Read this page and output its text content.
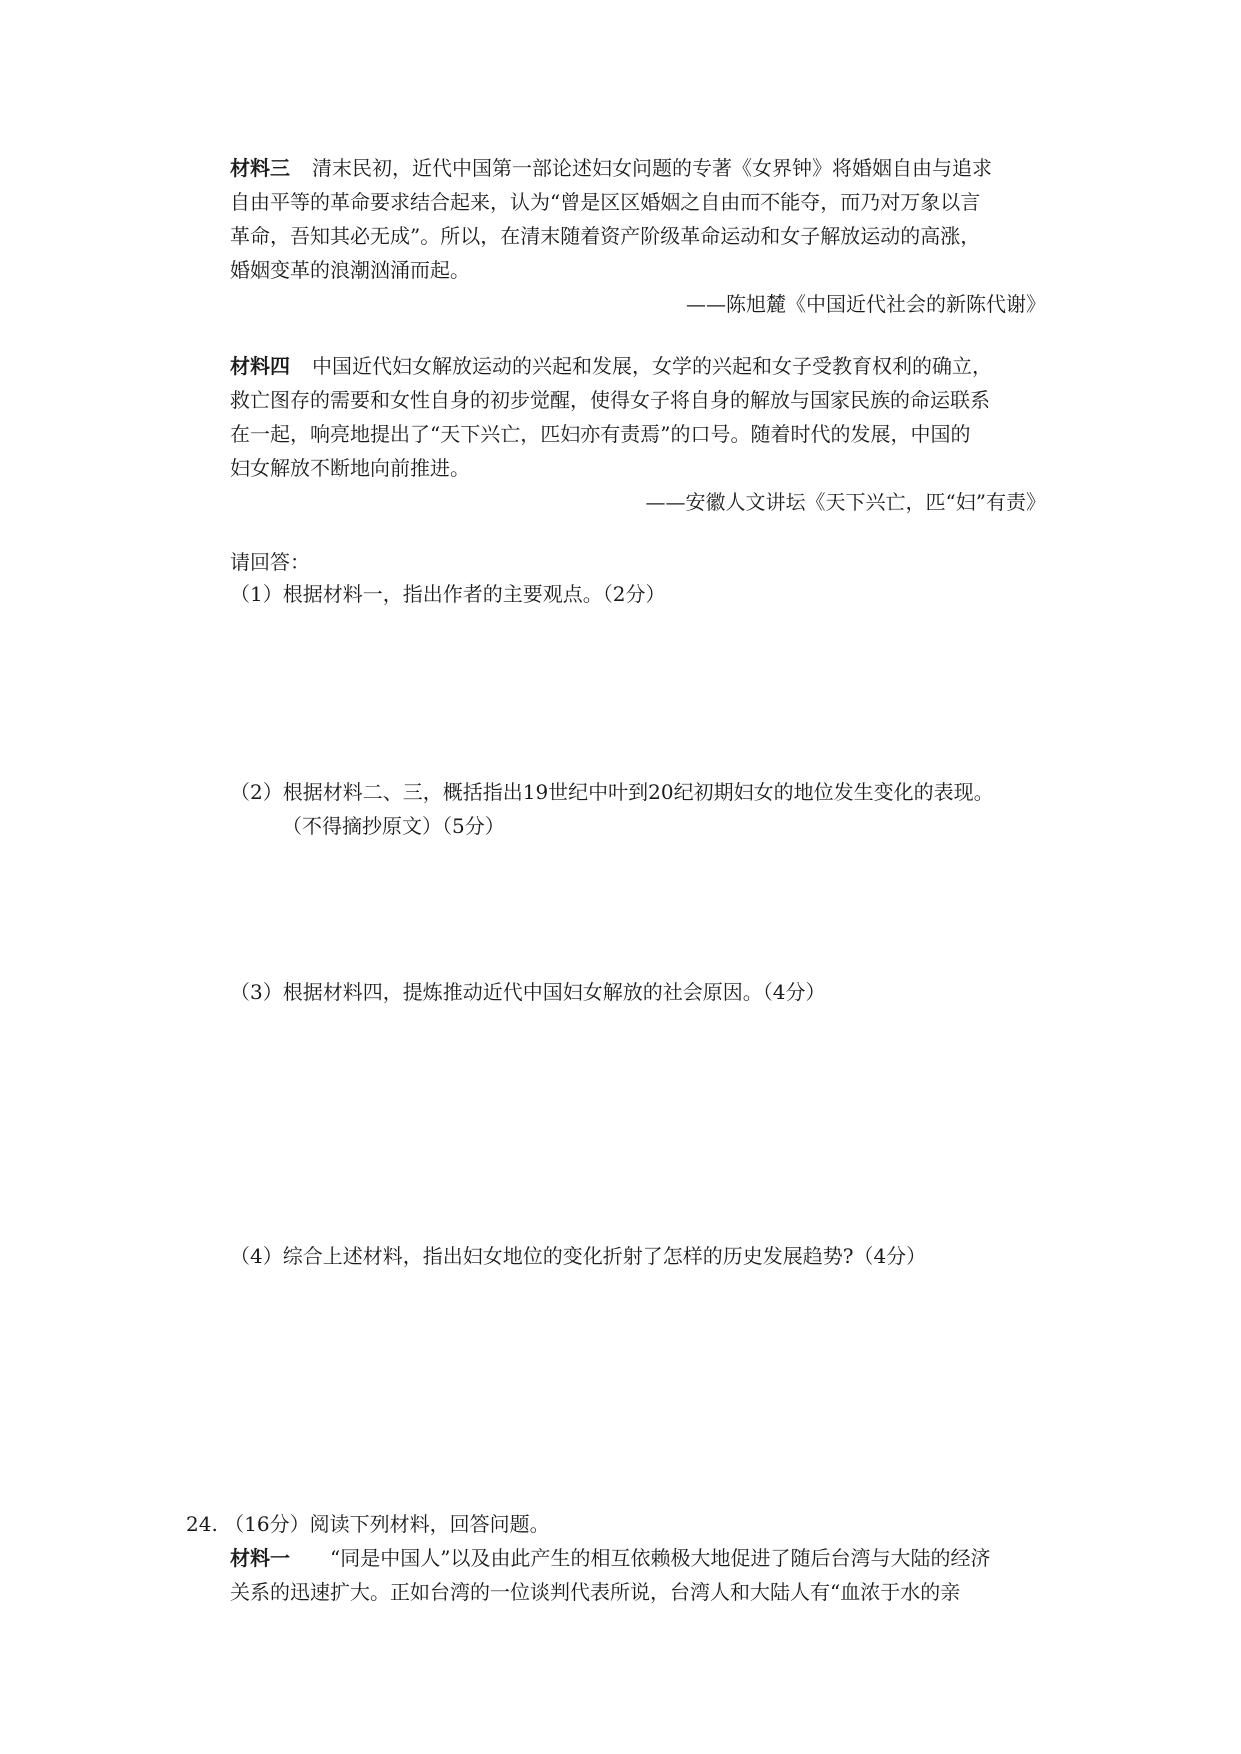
材料三 清末民初，近代中国第一部论述妇女问题的专著《女界钟》将婚姻自由与追求
自由平等的革命要求结合起来，认为“曾是区区婚姻之自由而不能夺，而乃对万象以言
革命，吾知其必无成”。所以，在清末随着资产阶级革命运动和女子解放运动的高涨，
婚姻变革的浪潮汹涌而起。
——陈旭麓《中国近代社会的新陈代谢》
材料四 中国近代妇女解放运动的兴起和发展，女学的兴起和女子受教育权利的确立，
救亡图存的需要和女性自身的初步觉醒，使得女子将自身的解放与国家民族的命运联系
在一起，响亮地提出了“天下兴亡，匹妇亦有责焉”的口号。随着时代的发展，中国的
妇女解放不断地向前推进。
——安徽人文讲坛《天下兴亡，匹“妇”有责》
请回答：
（1）根据材料一，指出作者的主要观点。（2分）
（2）根据材料二、三，概括指出19世纪中叶到20纪初期妇女的地位发生变化的表现。
（不得摘抄原文）（5分）
（3）根据材料四，提炼推动近代中国妇女解放的社会原因。（4分）
（4）综合上述材料，指出妇女地位的变化折射了怎样的历史发展趋势?（4分）
24. （16分）阅读下列材料，回答问题。
材料一 “同是中国人”以及由此产生的相互依赖极大地促进了随后台湾与大陆的经济
关系的迅速扩大。正如台湾的一位谈判代表所说，台湾人和大陆人有“血浓于水的亲
